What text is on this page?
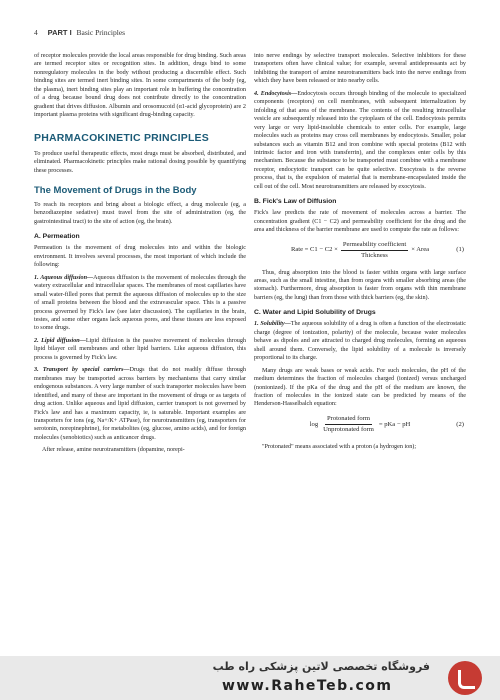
4 PART I Basic Principles

of receptor molecules provide the local areas responsible for drug binding. Such areas are termed receptor sites or recognition sites. In addition, drugs bind to some nonregulatory molecules in the body without producing a discernible effect. Such binding sites are termed inert binding sites. In some compartments of the body (eg, the plasma), inert binding sites play an important role in buffering the concentration of a drug because bound drug does not contribute directly to the concentration gradient that drives diffusion. Albumin and orosomucoid (α1-acid glycoprotein) are 2 important plasma proteins with significant drug-binding capacity.

PHARMACOKINETIC PRINCIPLES

To produce useful therapeutic effects, most drugs must be absorbed, distributed, and eliminated. Pharmacokinetic principles make rational dosing possible by quantifying these processes.

The Movement of Drugs in the Body

To reach its receptors and bring about a biologic effect, a drug molecule (eg, a benzodiazepine sedative) must travel from the site of administration (eg, the gastrointestinal tract) to the site of action (eg, the brain).

A. Permeation

Permeation is the movement of drug molecules into and within the biologic environment. It involves several processes, the most important of which include the following:

1. Aqueous diffusion—Aqueous diffusion is the movement of molecules through the watery extracellular and intracellular spaces. The membranes of most capillaries have small water-filled pores that permit the aqueous diffusion of molecules up to the size of small proteins between the blood and the extravascular space. This is a passive process governed by Fick's law (see later discussion). The capillaries in the brain, testes, and some other organs lack aqueous pores, and these tissues are less exposed to some drugs.

2. Lipid diffusion—Lipid diffusion is the passive movement of molecules through lipid bilayer cell membranes and other lipid barriers. Like aqueous diffusion, this process is governed by Fick's law.

3. Transport by special carriers—Drugs that do not readily diffuse through membranes may be transported across barriers by mechanisms that carry similar endogenous substances. A very large number of such transporter molecules have been identified, and many of these are important in the movement of drugs or as targets of drug action. Unlike aqueous and lipid diffusion, carrier transport is not governed by Fick's law and has a maximum capacity, ie, is saturable. Important examples are transporters for ions (eg, Na+/K+ ATPase), for neurotransmitters (eg, transporters for serotonin, norepinephrine), for metabolites (eg, glucose, amino acids), and for foreign molecules (xenobiotics) such as anticancer drugs.

After release, amine neurotransmitters (dopamine, norepi-

into nerve endings by selective transport molecules. Selective inhibitors for these transporters often have clinical value; for example, several antidepressants act by inhibiting the transport of amine neurotransmitters back into the nerve endings from which they have been released or into nearby cells.

4. Endocytosis—Endocytosis occurs through binding of the molecule to specialized components (receptors) on cell membranes, with subsequent internalization by infolding of that area of the membrane. The contents of the resulting intracellular vesicle are subsequently released into the cytoplasm of the cell. Endocytosis permits very large or very lipid-insoluble chemicals to enter cells. For example, large molecules such as proteins may cross cell membranes by endocytosis. Smaller, polar substances such as vitamin B12 and iron combine with special proteins (B12 with intrinsic factor and iron with transferrin), and the complexes enter cells by this mechanism. Because the substance to be transported must combine with a membrane receptor, endocytotic transport can be quite selective. Exocytosis is the reverse process, that is, the expulsion of material that is membrane-encapsulated inside the cell out of the cell. Most neurotransmitters are released by exocytosis.

B. Fick's Law of Diffusion

Fick's law predicts the rate of movement of molecules across a barrier. The concentration gradient (C1 − C2) and permeability coefficient for the drug and the area and thickness of the barrier membrane are used to compute the rate as follows:

Rate = $C1 - C2 \times \frac{\text{Permeability coefficient}}{\text{Thickness}}$ × Area	(1)

Thus, drug absorption into the blood is faster within organs with large surface areas, such as the small intestine, than from organs with smaller absorbing areas (the stomach). Furthermore, drug absorption is faster from organs with thin membrane barriers (eg, the lung) than from those with thick barriers (eg, the skin).

C. Water and Lipid Solubility of Drugs

1. Solubility—The aqueous solubility of a drug is often a function of the electrostatic charge (degree of ionization, polarity) of the molecule, because water molecules behave as dipoles and are attracted to charged drug molecules, forming an aqueous shell around them. Conversely, the lipid solubility of a molecule is inversely proportional to its charge.

Many drugs are weak bases or weak acids. For such molecules, the pH of the medium determines the fraction of molecules charged (ionized) versus uncharged (nonionized). If the pKa of the drug and the pH of the medium are known, the fraction of molecules in the ionized state can be predicted by means of the Henderson-Hasselbalch equation:

$\log \frac{\text{Protonated form}}{\text{Unprotonated form}}$ = pKa − pH	(2)

"Protonated" means associated with a proton (a hydrogen ion);

فروشگاه تخصصی لاتین پزشکی راه طب
www.RaheTeb.com
